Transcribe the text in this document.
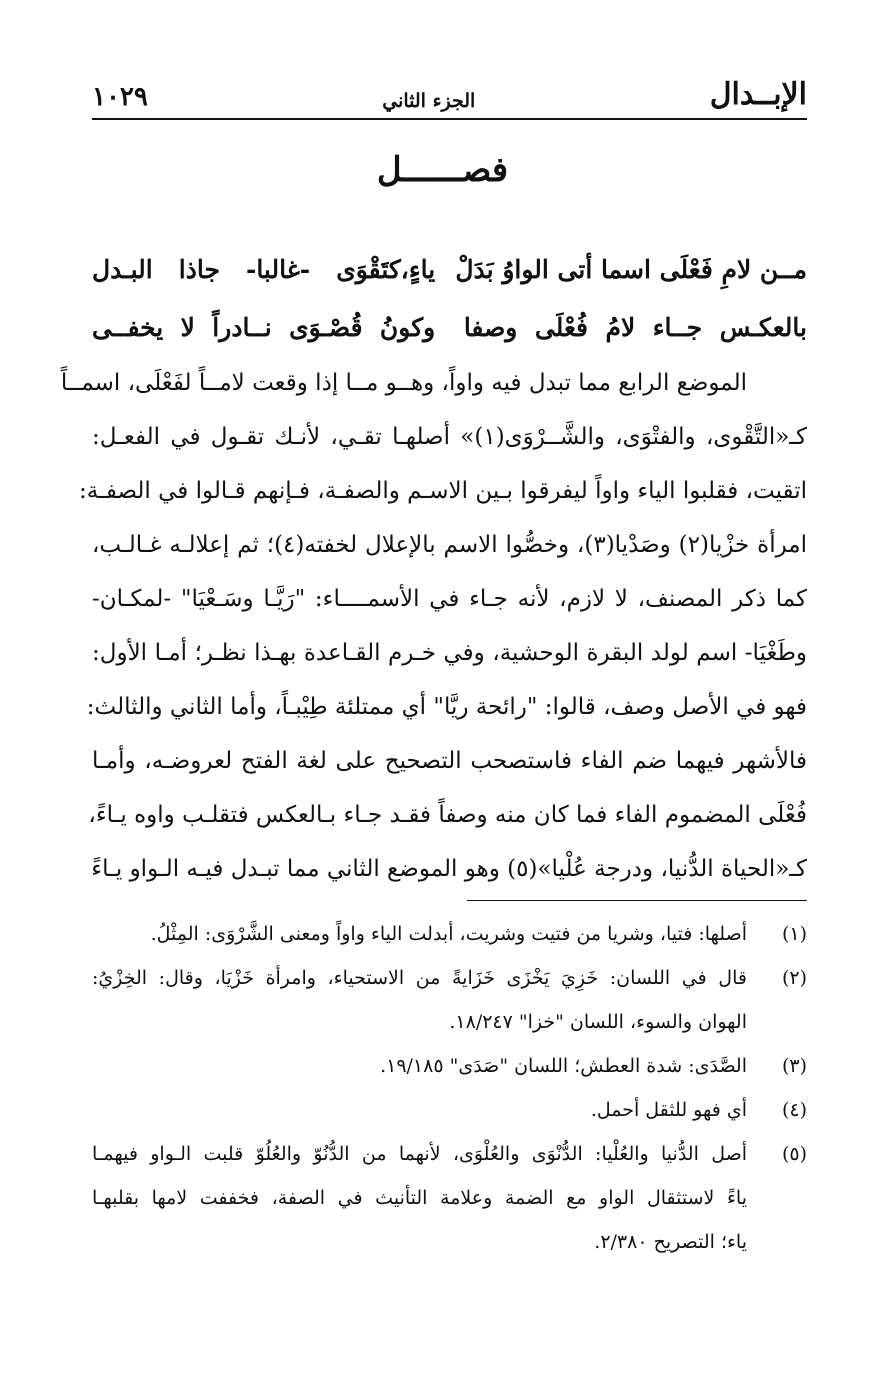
الإبــدال
الجزء الثاني
١٠٢٩
فصــــــل
مــن لامِ فَعْلَى اسما أتى الواوُ بَدَلْ
ياءٍ،كتَقْوَى -غالبا- جاذا البـدل
بالعكـس جــاء لامُ فُعْلَى وصفا
وكونُ قُصْـوَى نــادراً لا يخفــى
الموضع الرابع مما تبدل فيه واواً، وهــو مــا إذا وقعت لامــاً لفَعْلَى، اسمــاً
كـ«التَّقْوى، والفتْوَى، والشَّــرْوَى(١)» أصلهـا تقـي، لأنـك تقـول في الفعـل:
اتقيت، فقلبوا الياء واواً ليفرقوا بـين الاسـم والصفـة، فـإنهم قـالوا في الصفـة:
امرأة خزْيا(٢) وصَدْيا(٣)، وخصُّوا الاسم بالإعلال لخفته(٤)؛ ثم إعلالـه غـالـب،
كما ذكر المصنف، لا لازم، لأنه جـاء في الأسمــــاء: "رَيَّـا وسَـعْيَا" -لمكـان-
وطَغْيَا- اسم لولد البقرة الوحشية، وفي خـرم القـاعدة بهـذا نظـر؛ أمـا الأول:
فهو في الأصل وصف، قالوا: "رائحة ريَّا" أي ممتلئة طِيْبـاً، وأما الثاني والثالث:
فالأشهر فيهما ضم الفاء فاستصحب التصحيح على لغة الفتح لعروضـه، وأمـا
فُعْلَى المضموم الفاء فما كان منه وصفاً فقـد جـاء بـالعكس فتقلـب واوه يـاءً،
كـ«الحياة الدُّنيا، ودرجة عُلْيا»(٥) وهو الموضع الثاني مما تبـدل فيـه الـواو يـاءً
(١)
أصلها: فتيا، وشريا من فتيت وشريت، أبدلت الياء واواً ومعنى الشَّرْوَى: المِثْلُ.
(٢)
قال في اللسان: خَزِيَ يَخْزَى خَزَايةً من الاستحياء، وامرأة خَزْيَا، وقال: الخِزْيُ:
الهوان والسوء، اللسان "خزا" ١٨/٢٤٧.
(٣)
الصَّدَى: شدة العطش؛ اللسان "صَدَى" ١٩/١٨٥.
(٤)
أي فهو للثقل أحمل.
(٥)
أصل الدُّنيا والعُلْيا: الدُّنْوَى والعُلْوَى، لأنهما من الدُّنُوّ والعُلُوّ قلبت الـواو فيهمـا
ياءً لاستثقال الواو مع الضمة وعلامة التأنيث في الصفة، فخففت لامها بقلبهـا
ياء؛ التصريح ٢/٣٨٠.
